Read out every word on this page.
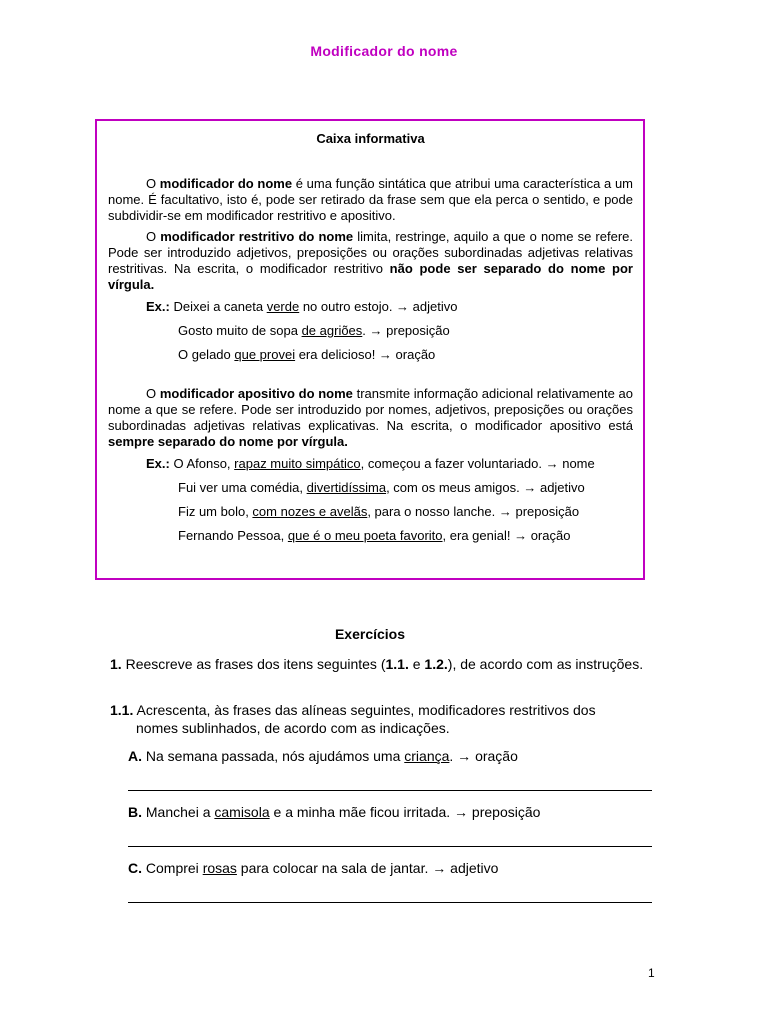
Modificador do nome
Caixa informativa

O modificador do nome é uma função sintática que atribui uma característica a um nome. É facultativo, isto é, pode ser retirado da frase sem que ela perca o sentido, e pode subdividir-se em modificador restritivo e apositivo.

O modificador restritivo do nome limita, restringe, aquilo a que o nome se refere. Pode ser introduzido adjetivos, preposições ou orações subordinadas adjetivas relativas restritivas. Na escrita, o modificador restritivo não pode ser separado do nome por vírgula.

Ex.: Deixei a caneta verde no outro estojo. → adjetivo
Gosto muito de sopa de agriões. → preposição
O gelado que provei era delicioso! → oração

O modificador apositivo do nome transmite informação adicional relativamente ao nome a que se refere. Pode ser introduzido por nomes, adjetivos, preposições ou orações subordinadas adjetivas relativas explicativas. Na escrita, o modificador apositivo está sempre separado do nome por vírgula.

Ex.: O Afonso, rapaz muito simpático, começou a fazer voluntariado. → nome
Fui ver uma comédia, divertidíssima, com os meus amigos. → adjetivo
Fiz um bolo, com nozes e avelãs, para o nosso lanche. → preposição
Fernando Pessoa, que é o meu poeta favorito, era genial! → oração
Exercícios
1. Reescreve as frases dos itens seguintes (1.1. e 1.2.), de acordo com as instruções.
1.1. Acrescenta, às frases das alíneas seguintes, modificadores restritivos dos
nomes sublinhados, de acordo com as indicações.
A. Na semana passada, nós ajudámos uma criança. → oração
B. Manchei a camisola e a minha mãe ficou irritada. → preposição
C. Comprei rosas para colocar na sala de jantar. → adjetivo
1
